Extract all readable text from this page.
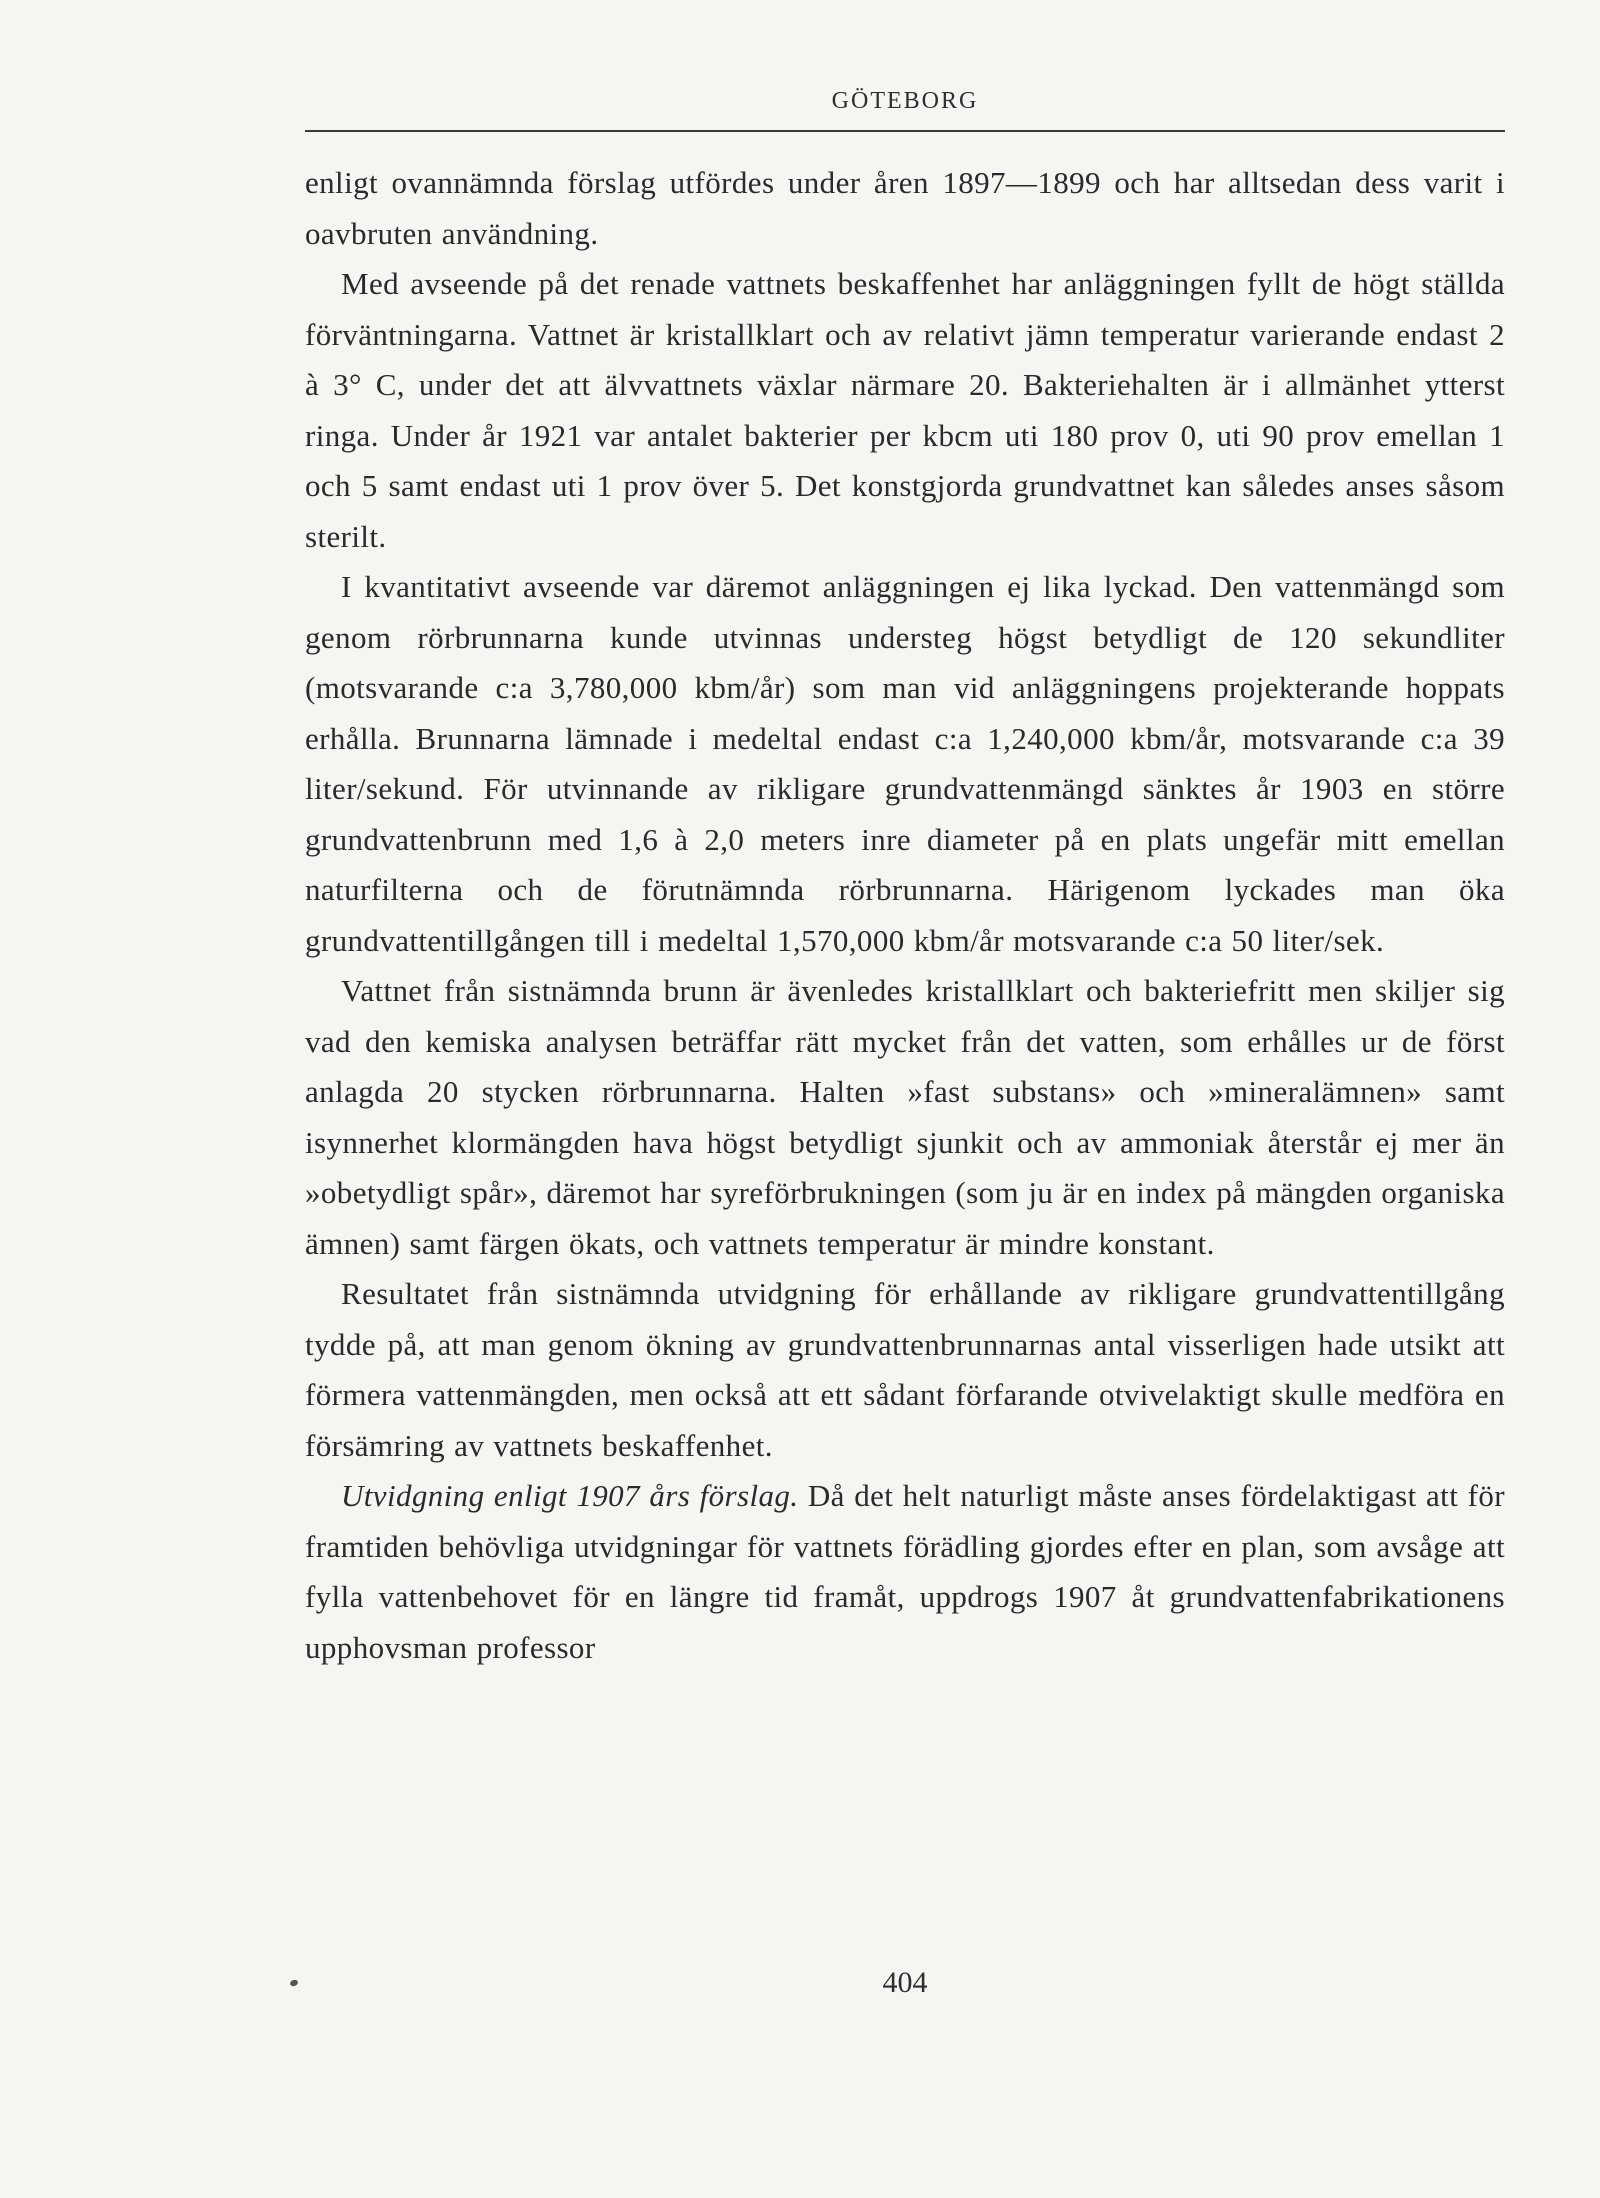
GÖTEBORG

enligt ovannämnda förslag utfördes under åren 1897—1899 och har alltsedan dess varit i oavbruten användning.

Med avseende på det renade vattnets beskaffenhet har anläggningen fyllt de högt ställda förväntningarna. Vattnet är kristallklart och av relativt jämn temperatur varierande endast 2 à 3° C, under det att älvvattnets växlar närmare 20. Bakteriehalten är i allmänhet ytterst ringa. Under år 1921 var antalet bakterier per kbcm uti 180 prov 0, uti 90 prov emellan 1 och 5 samt endast uti 1 prov över 5. Det konstgjorda grundvattnet kan således anses såsom sterilt.

I kvantitativt avseende var däremot anläggningen ej lika lyckad. Den vattenmängd som genom rörbrunnarna kunde utvinnas understeg högst betydligt de 120 sekundliter (motsvarande c:a 3,780,000 kbm/år) som man vid anläggningens projekterande hoppats erhålla. Brunnarna lämnade i medeltal endast c:a 1,240,000 kbm/år, motsvarande c:a 39 liter/sekund. För utvinnande av rikligare grundvattenmängd sänktes år 1903 en större grundvattenbrunn med 1,6 à 2,0 meters inre diameter på en plats ungefär mitt emellan naturfilterna och de förutnämnda rörbrunnarna. Härigenom lyckades man öka grundvattentillgången till i medeltal 1,570,000 kbm/år motsvarande c:a 50 liter/sek.

Vattnet från sistnämnda brunn är ävenledes kristallklart och bakteriefritt men skiljer sig vad den kemiska analysen beträffar rätt mycket från det vatten, som erhålles ur de först anlagda 20 stycken rörbrunnarna. Halten »fast substans» och »mineralämnen» samt isynnerhet klormängden hava högst betydligt sjunkit och av ammoniak återstår ej mer än »obetydligt spår», däremot har syreförbrukningen (som ju är en index på mängden organiska ämnen) samt färgen ökats, och vattnets temperatur är mindre konstant.

Resultatet från sistnämnda utvidgning för erhållande av rikligare grundvattentillgång tydde på, att man genom ökning av grundvattenbrunnarnas antal visserligen hade utsikt att förmera vattenmängden, men också att ett sådant förfarande otvivelaktigt skulle medföra en försämring av vattnets beskaffenhet.

Utvidgning enligt 1907 års förslag. Då det helt naturligt måste anses fördelaktigast att för framtiden behövliga utvidgningar för vattnets förädling gjordes efter en plan, som avsåge att fylla vattenbehovet för en längre tid framåt, uppdrogs 1907 åt grundvattenfabrikationens upphovsman professor

404
